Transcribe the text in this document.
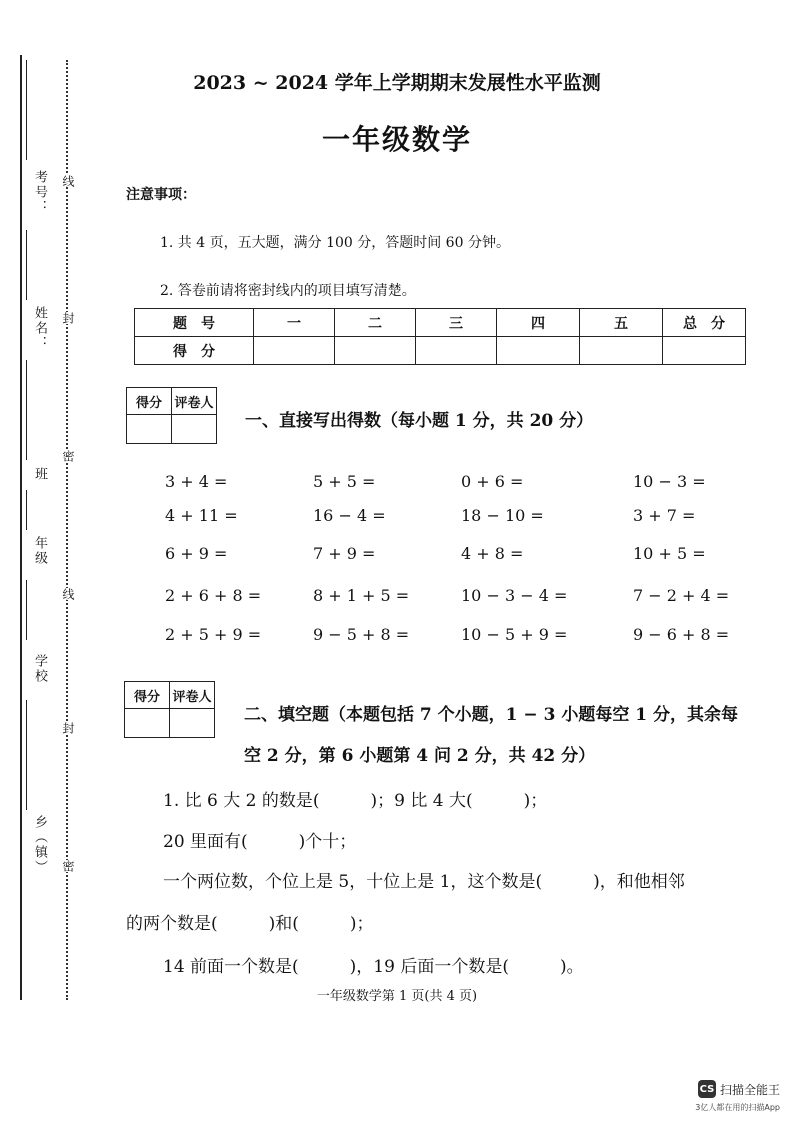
考号：
姓名：
班
年级
学校
乡（镇）
线
封
密
线
封
密
2023 ~ 2024 学年上学期期末发展性水平监测
一年级数学
注意事项：
1. 共 4 页，五大题，满分 100 分，答题时间 60 分钟。
2. 答卷前请将密封线内的项目填写清楚。
题　号	一	二	三	四	五	总　分
得　分						
得分	评卷人

一、直接写出得数（每小题 1 分，共 20 分）
3 + 4 =	5 + 5 =	0 + 6 =	10 − 3 =
4 + 11 =	16 − 4 =	18 − 10 =	3 + 7 =
6 + 9 =	7 + 9 =	4 + 8 =	10 + 5 =
2 + 6 + 8 =	8 + 1 + 5 =	10 − 3 − 4 =	7 − 2 + 4 =
2 + 5 + 9 =	9 − 5 + 8 =	10 − 5 + 9 =	9 − 6 + 8 =
得分	评卷人

二、填空题（本题包括 7 个小题，1 − 3 小题每空 1 分，其余每
空 2 分，第 6 小题第 4 问 2 分，共 42 分）
1. 比 6 大 2 的数是(　　　)；9 比 4 大(　　　)；
20 里面有(　　　)个十；
一个两位数，个位上是 5，十位上是 1，这个数是(　　　)，和他相邻
的两个数是(　　　)和(　　　)；
14 前面一个数是(　　　)，19 后面一个数是(　　　)。
一年级数学第 1 页(共 4 页)
CS 扫描全能王
3亿人都在用的扫描App
